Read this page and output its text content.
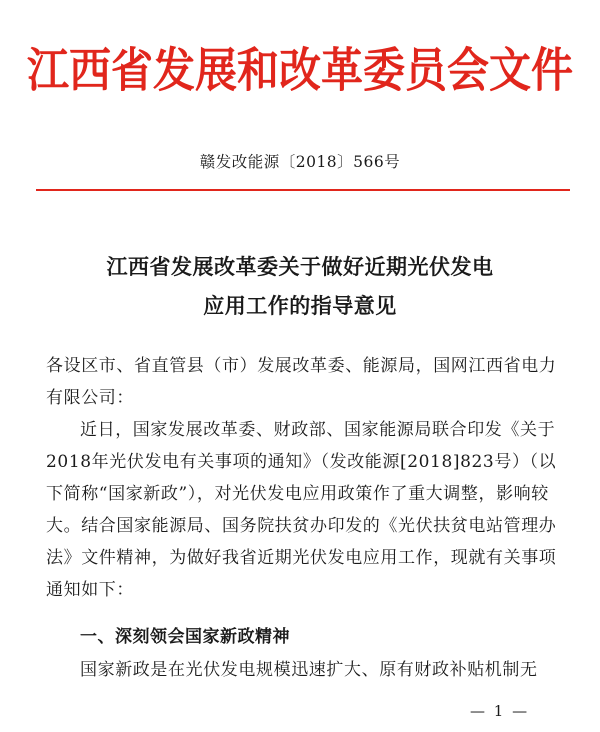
江西省发展和改革委员会文件
赣发改能源〔2018〕566号
江西省发展改革委关于做好近期光伏发电
应用工作的指导意见

各设区市、省直管县（市）发展改革委、能源局，国网江西省电力有限公司：

近日，国家发展改革委、财政部、国家能源局联合印发《关于2018年光伏发电有关事项的通知》（发改能源[2018]823号）（以下简称“国家新政”），对光伏发电应用政策作了重大调整，影响较大。结合国家能源局、国务院扶贫办印发的《光伏扶贫电站管理办法》文件精神，为做好我省近期光伏发电应用工作，现就有关事项通知如下：

一、深刻领会国家新政精神
国家新政是在光伏发电规模迅速扩大、原有财政补贴机制无
— 1 —
